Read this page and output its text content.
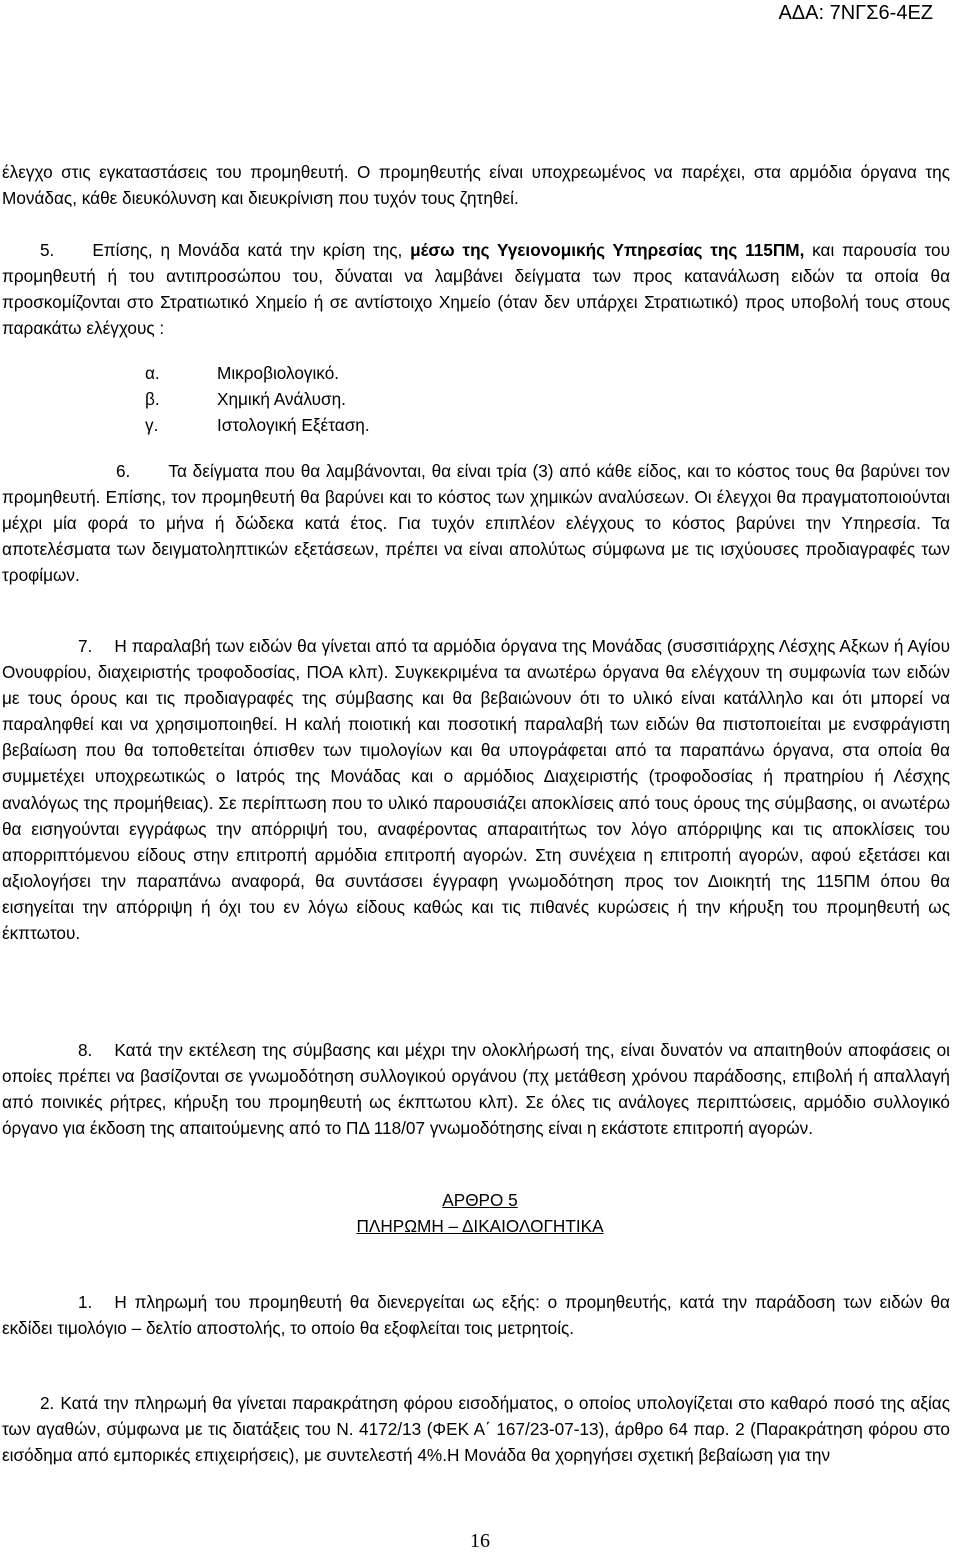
ΑΔΑ: 7ΝΓΣ6-4ΕΖ

έλεγχο στις εγκαταστάσεις του προμηθευτή. Ο προμηθευτής είναι υποχρεωμένος να παρέχει, στα αρμόδια όργανα της Μονάδας, κάθε διευκόλυνση και διευκρίνιση που τυχόν τους ζητηθεί.

5. Επίσης, η Μονάδα κατά την κρίση της, μέσω της Υγειονομικής Υπηρεσίας της 115ΠΜ, και παρουσία του προμηθευτή ή του αντιπροσώπου του, δύναται να λαμβάνει δείγματα των προς κατανάλωση ειδών τα οποία θα προσκομίζονται στο Στρατιωτικό Χημείο ή σε αντίστοιχο Χημείο (όταν δεν υπάρχει Στρατιωτικό) προς υποβολή τους στους παρακάτω ελέγχους :

α.	Μικροβιολογικό.
β.	Χημική Ανάλυση.
γ.	Ιστολογική Εξέταση.

6. Τα δείγματα που θα λαμβάνονται, θα είναι τρία (3) από κάθε είδος, και το κόστος τους θα βαρύνει τον προμηθευτή. Επίσης, τον προμηθευτή θα βαρύνει και το κόστος των χημικών αναλύσεων. Οι έλεγχοι θα πραγματοποιούνται μέχρι μία φορά το μήνα ή δώδεκα κατά έτος. Για τυχόν επιπλέον ελέγχους το κόστος βαρύνει την Υπηρεσία. Τα αποτελέσματα των δειγματοληπτικών εξετάσεων, πρέπει να είναι απολύτως σύμφωνα με τις ισχύουσες προδιαγραφές των τροφίμων.

7. Η παραλαβή των ειδών θα γίνεται από τα αρμόδια όργανα της Μονάδας (συσσιτιάρχης Λέσχης Αξκων ή Αγίου Ονουφρίου, διαχειριστής τροφοδοσίας, ΠΟΑ κλπ). Συγκεκριμένα τα ανωτέρω όργανα θα ελέγχουν τη συμφωνία των ειδών με τους όρους και τις προδιαγραφές της σύμβασης και θα βεβαιώνουν ότι το υλικό είναι κατάλληλο και ότι μπορεί να παραληφθεί και να χρησιμοποιηθεί. Η καλή ποιοτική και ποσοτική παραλαβή των ειδών θα πιστοποιείται με ενσφράγιστη βεβαίωση που θα τοποθετείται όπισθεν των τιμολογίων και θα υπογράφεται από τα παραπάνω όργανα, στα οποία θα συμμετέχει υποχρεωτικώς ο Ιατρός της Μονάδας και ο αρμόδιος Διαχειριστής (τροφοδοσίας ή πρατηρίου ή Λέσχης αναλόγως της προμήθειας). Σε περίπτωση που το υλικό παρουσιάζει αποκλίσεις από τους όρους της σύμβασης, οι ανωτέρω θα εισηγούνται εγγράφως την απόρριψή του, αναφέροντας απαραιτήτως τον λόγο απόρριψης και τις αποκλίσεις του απορριπτόμενου είδους στην επιτροπή αρμόδια επιτροπή αγορών. Στη συνέχεια η επιτροπή αγορών, αφού εξετάσει και αξιολογήσει την παραπάνω αναφορά, θα συντάσσει έγγραφη γνωμοδότηση προς τον Διοικητή της 115ΠΜ όπου θα εισηγείται την απόρριψη ή όχι του εν λόγω είδους καθώς και τις πιθανές κυρώσεις ή την κήρυξη του προμηθευτή ως έκπτωτου.

8. Κατά την εκτέλεση της σύμβασης και μέχρι την ολοκλήρωσή της, είναι δυνατόν να απαιτηθούν αποφάσεις οι οποίες πρέπει να βασίζονται σε γνωμοδότηση συλλογικού οργάνου (πχ μετάθεση χρόνου παράδοσης, επιβολή ή απαλλαγή από ποινικές ρήτρες, κήρυξη του προμηθευτή ως έκπτωτου κλπ). Σε όλες τις ανάλογες περιπτώσεις, αρμόδιο συλλογικό όργανο για έκδοση της απαιτούμενης από το ΠΔ 118/07 γνωμοδότησης είναι η εκάστοτε επιτροπή αγορών.

ΑΡΘΡΟ 5
ΠΛΗΡΩΜΗ – ΔΙΚΑΙΟΛΟΓΗΤΙΚΑ

1. Η πληρωμή του προμηθευτή θα διενεργείται ως εξής: ο προμηθευτής, κατά την παράδοση των ειδών θα εκδίδει τιμολόγιο – δελτίο αποστολής, το οποίο θα εξοφλείται τοις μετρητοίς.

2. Κατά την πληρωμή θα γίνεται παρακράτηση φόρου εισοδήματος, ο οποίος υπολογίζεται στο καθαρό ποσό της αξίας των αγαθών, σύμφωνα με τις διατάξεις του Ν. 4172/13 (ΦΕΚ Α΄ 167/23-07-13), άρθρο 64 παρ. 2 (Παρακράτηση φόρου στο εισόδημα από εμπορικές επιχειρήσεις), με συντελεστή 4%.Η Μονάδα θα χορηγήσει σχετική βεβαίωση για την

16
